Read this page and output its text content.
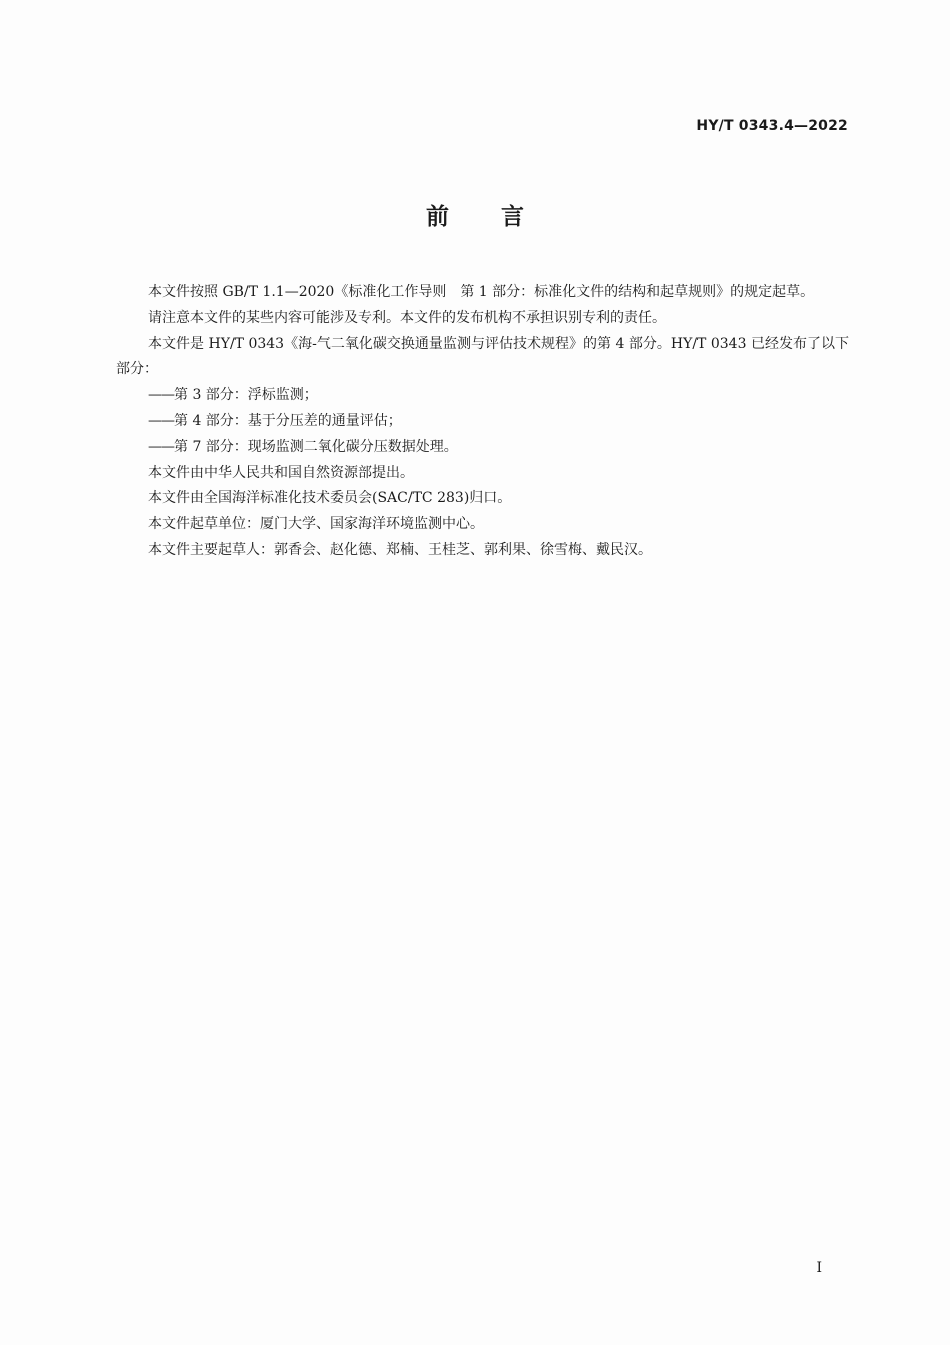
HY/T 0343.4—2022
前言

本文件按照 GB/T 1.1—2020《标准化工作导则　第 1 部分：标准化文件的结构和起草规则》的规定起草。

请注意本文件的某些内容可能涉及专利。本文件的发布机构不承担识别专利的责任。

本文件是 HY/T 0343《海-气二氧化碳交换通量监测与评估技术规程》的第 4 部分。HY/T 0343 已经发布了以下部分：

——第 3 部分：浮标监测；

——第 4 部分：基于分压差的通量评估；

——第 7 部分：现场监测二氧化碳分压数据处理。

本文件由中华人民共和国自然资源部提出。

本文件由全国海洋标准化技术委员会(SAC/TC 283)归口。

本文件起草单位：厦门大学、国家海洋环境监测中心。

本文件主要起草人：郭香会、赵化德、郑楠、王桂芝、郭利果、徐雪梅、戴民汉。

I
